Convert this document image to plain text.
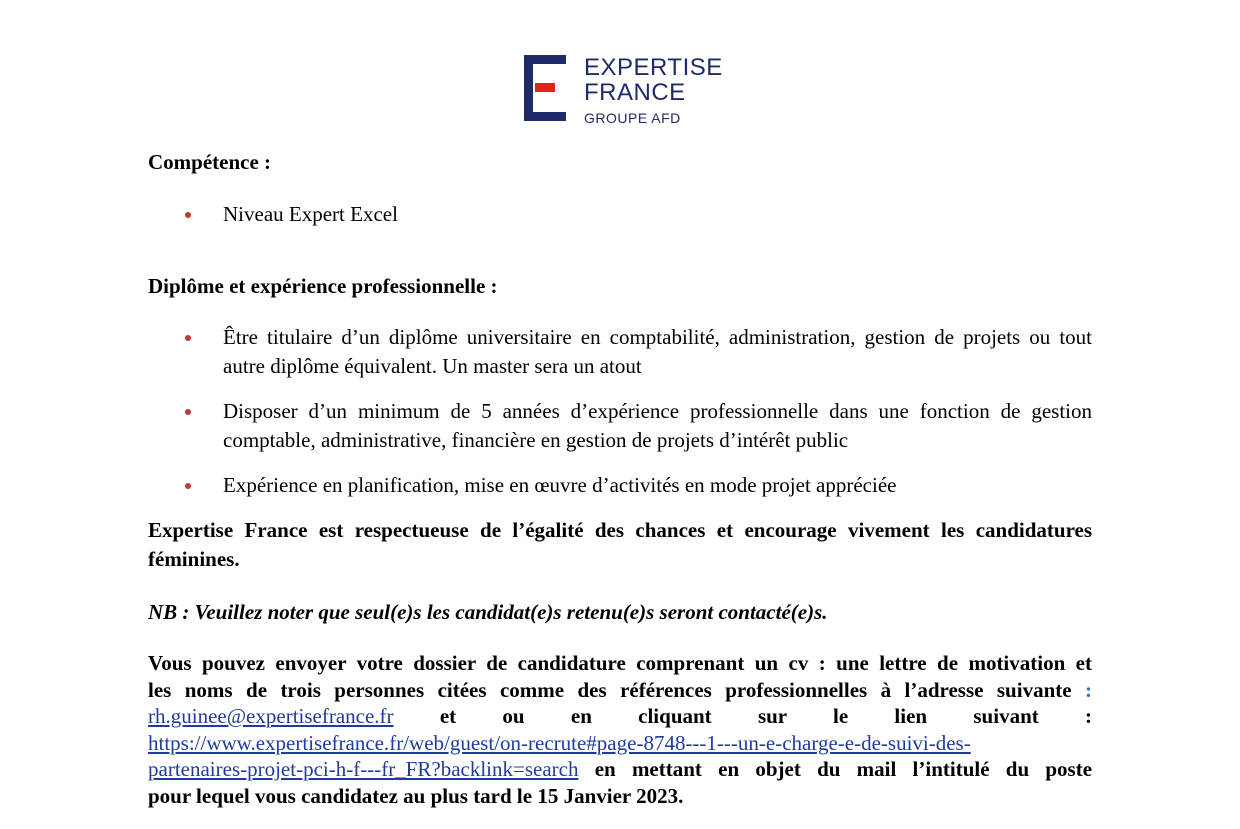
EXPERTISE
FRANCE
GROUPE AFD
Compétence :
Niveau Expert Excel
Diplôme et expérience professionnelle :
Être titulaire d’un diplôme universitaire en comptabilité, administration, gestion de projets ou tout autre diplôme équivalent. Un master sera un atout
Disposer d’un minimum de 5 années d’expérience professionnelle dans une fonction de gestion comptable, administrative, financière en gestion de projets d’intérêt public
Expérience en planification, mise en œuvre d’activités en mode projet appréciée
Expertise France est respectueuse de l’égalité des chances et encourage vivement les candidatures féminines.
NB : Veuillez noter que seul(e)s les candidat(e)s retenu(e)s seront contacté(e)s.
Vous pouvez envoyer votre dossier de candidature comprenant un cv : une lettre de motivation et
les noms de trois personnes citées comme des références professionnelles à l’adresse suivante :
rh.guinee@expertisefrance.fr et ou en cliquant sur le lien suivant :
https://www.expertisefrance.fr/web/guest/on-recrute#page-8748---1---un-e-charge-e-de-suivi-des-
partenaires-projet-pci-h-f---fr_FR?backlink=search en mettant en objet du mail l’intitulé du poste
pour lequel vous candidatez au plus tard le 15 Janvier 2023.
